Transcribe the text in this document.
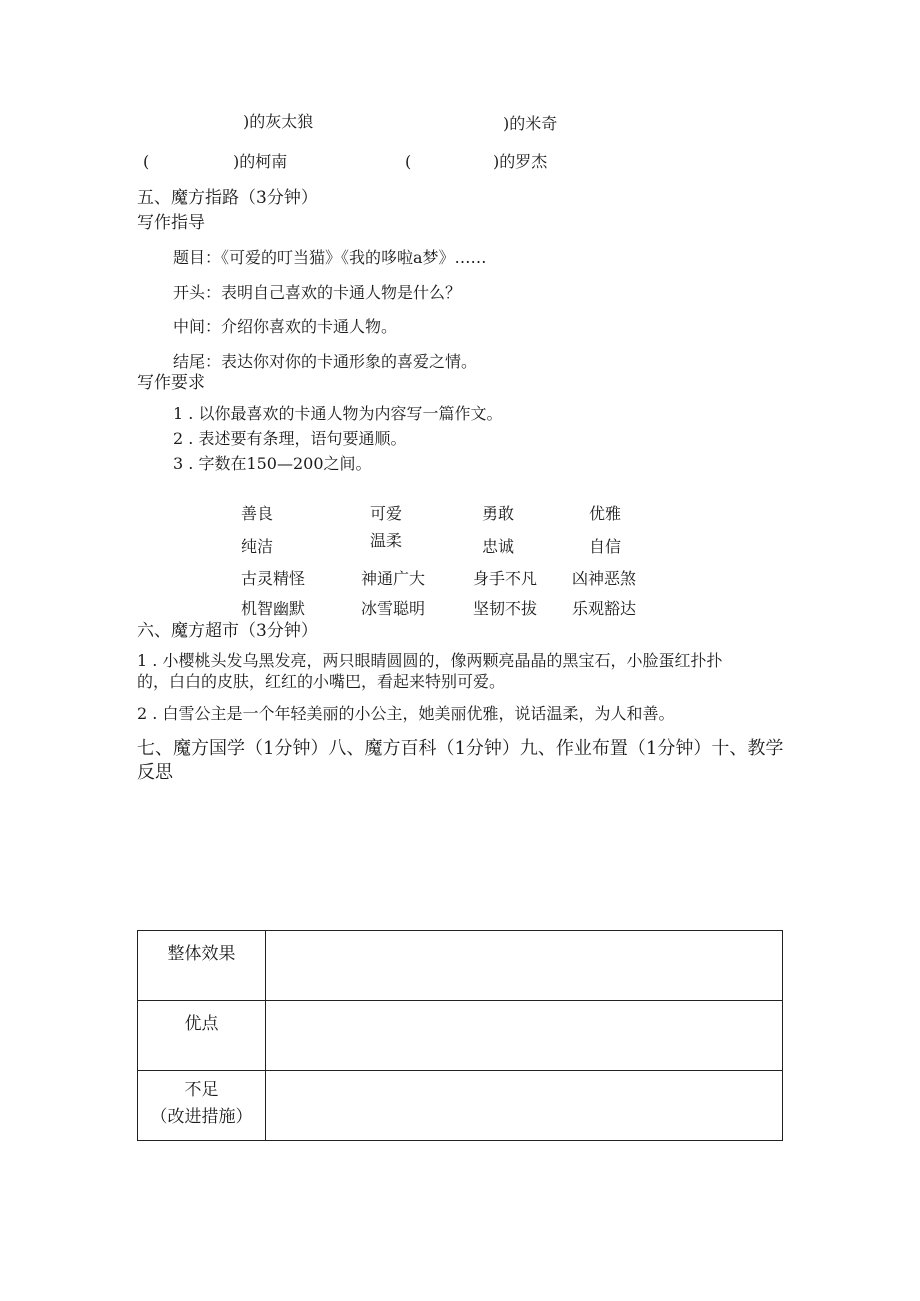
)的灰太狼	)的米奇
(	)的柯南	(	)的罗杰
五、魔方指路（3分钟）
写作指导
题目：《可爱的叮当猫》《我的哆啦a梦》……
开头：表明自己喜欢的卡通人物是什么？
中间：介绍你喜欢的卡通人物。
结尾：表达你对你的卡通形象的喜爱之情。
写作要求
1 . 以你最喜欢的卡通人物为内容写一篇作文。
2 . 表述要有条理，语句要通顺。
3 . 字数在150—200之间。
善良	可爱	勇敢	优雅
纯洁	温柔	忠诚	自信
古灵精怪	神通广大	身手不凡 凶神恶煞
机智幽默	冰雪聪明	坚韧不拔 乐观豁达
六、魔方超市（3分钟）
1 . 小樱桃头发乌黑发亮，两只眼睛圆圆的，像两颗亮晶晶的黑宝石，小脸蛋红扑扑
的，白白的皮肤，红红的小嘴巴，看起来特别可爱。
2 . 白雪公主是一个年轻美丽的小公主，她美丽优雅，说话温柔，为人和善。
七、魔方国学（1分钟）八、魔方百科（1分钟）九、作业布置（1分钟）十、教学
反思
整体效果	

优点	

不足
（改进措施）	
